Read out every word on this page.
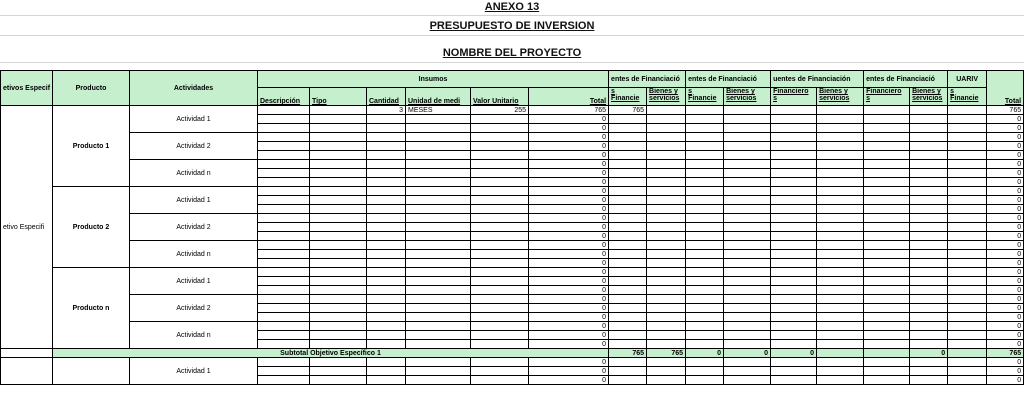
ANEXO 13
PRESUPUESTO DE INVERSION
NOMBRE DEL PROYECTO
etivos Especif	Producto	Actividades	Insumos						entes de Financiació		entes de Financiació		uentes de Financiación		entes de Financiació		UARIV	Total
			Descripción	Tipo	Cantidad	Unidad de medi	Valor Unitario	Total	s Financie	Bienes y servicios	s Financie	Bienes y servicios	Financiero s	Bienes y servicios	Financiero s	Bienes y servicios	s Financie	
etivo Especifi	Producto 1	Actividad 1			3	MESES	255	765	765									765
								0										0
								0										0
		Actividad 2						0										0
								0										0
								0										0
		Actividad n						0										0
								0										0
								0										0
	Producto 2	Actividad 1						0										0
								0										0
								0										0
		Actividad 2						0										0
								0										0
								0										0
		Actividad n						0										0
								0										0
								0										0
	Producto n	Actividad 1						0										0
								0										0
								0										0
		Actividad 2						0										0
								0										0
								0										0
		Actividad n						0										0
								0										0
								0										0
	Subtotal Objetivo Específico 1								765	765	0	0	0			0		765
		Actividad 1						0										0
								0										0
								0										0
